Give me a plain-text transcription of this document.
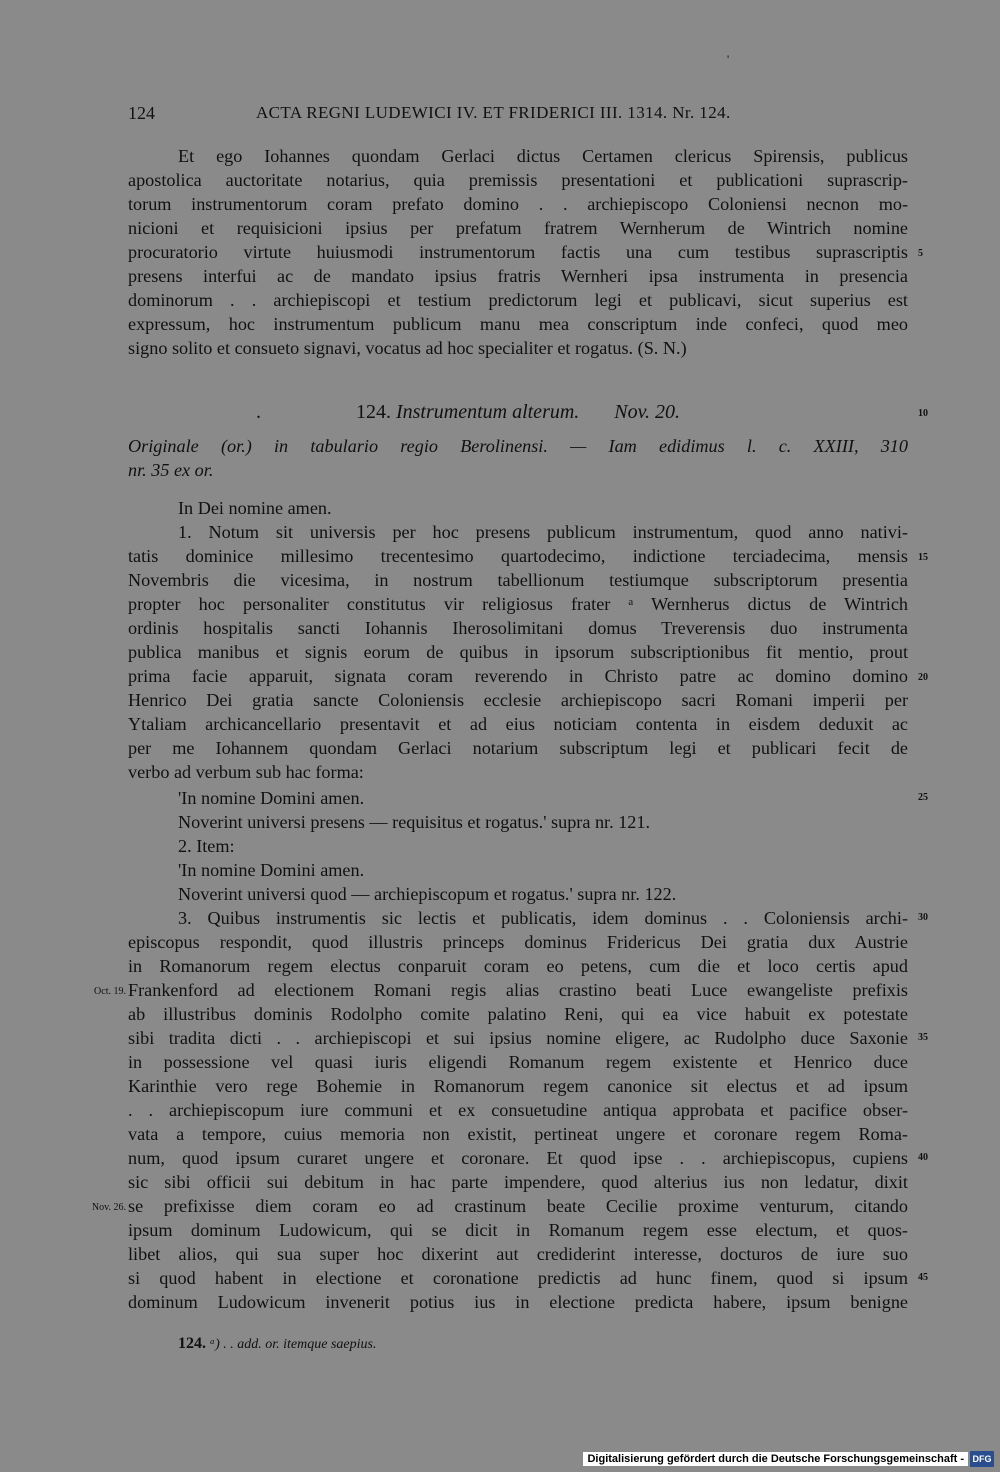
'
124	ACTA REGNI LUDEWICI IV. ET FRIDERICI III. 1314. Nr. 124.
Et ego Iohannes quondam Gerlaci dictus Certamen clericus Spirensis, publicus
apostolica auctoritate notarius, quia premissis presentationi et publicationi suprascrip-
torum instrumentorum coram prefato domino . . archiepiscopo Coloniensi necnon mo-
nicioni et requisicioni ipsius per prefatum fratrem Wernherum de Wintrich nomine
procuratorio virtute huiusmodi instrumentorum factis una cum testibus suprascriptis
presens interfui ac de mandato ipsius fratris Wernheri ipsa instrumenta in presencia
dominorum . . archiepiscopi et testium predictorum legi et publicavi, sicut superius est
expressum, hoc instrumentum publicum manu mea conscriptum inde confeci, quod meo
signo solito et consueto signavi, vocatus ad hoc specialiter et rogatus. (S. N.)
5
.	124. Instrumentum alterum. Nov. 20.	10
Originale (or.) in tabulario regio Berolinensi. — Iam edidimus l. c. XXIII, 310
nr. 35 ex or.
In Dei nomine amen.
1. Notum sit universis per hoc presens publicum instrumentum, quod anno nativi-
tatis dominice millesimo trecentesimo quartodecimo, indictione terciadecima, mensis
Novembris die vicesima, in nostrum tabellionum testiumque subscriptorum presentia
propter hoc personaliter constitutus vir religiosus frater ᵃ Wernherus dictus de Wintrich
ordinis hospitalis sancti Iohannis Iherosolimitani domus Treverensis duo instrumenta
publica manibus et signis eorum de quibus in ipsorum subscriptionibus fit mentio, prout
prima facie apparuit, signata coram reverendo in Christo patre ac domino domino
Henrico Dei gratia sancte Coloniensis ecclesie archiepiscopo sacri Romani imperii per
Ytaliam archicancellario presentavit et ad eius noticiam contenta in eisdem deduxit ac
per me Iohannem quondam Gerlaci notarium subscriptum legi et publicari fecit de
verbo ad verbum sub hac forma:
'In nomine Domini amen.
Noverint universi presens — requisitus et rogatus.' supra nr. 121.
2. Item:
'In nomine Domini amen.
Noverint universi quod — archiepiscopum et rogatus.' supra nr. 122.
3. Quibus instrumentis sic lectis et publicatis, idem dominus . . Coloniensis archi-
episcopus respondit, quod illustris princeps dominus Fridericus Dei gratia dux Austrie
in Romanorum regem electus conparuit coram eo petens, cum die et loco certis apud
Frankenford ad electionem Romani regis alias crastino beati Luce ewangeliste prefixis
ab illustribus dominis Rodolpho comite palatino Reni, qui ea vice habuit ex potestate
sibi tradita dicti . . archiepiscopi et sui ipsius nomine eligere, ac Rudolpho duce Saxonie
in possessione vel quasi iuris eligendi Romanum regem existente et Henrico duce
Karinthie vero rege Bohemie in Romanorum regem canonice sit electus et ad ipsum
. . archiepiscopum iure communi et ex consuetudine antiqua approbata et pacifice obser-
vata a tempore, cuius memoria non existit, pertineat ungere et coronare regem Roma-
num, quod ipsum curaret ungere et coronare. Et quod ipse . . archiepiscopus, cupiens
sic sibi officii sui debitum in hac parte impendere, quod alterius ius non ledatur, dixit
se prefixisse diem coram eo ad crastinum beate Cecilie proxime venturum, citando
ipsum dominum Ludowicum, qui se dicit in Romanum regem esse electum, et quos-
libet alios, qui sua super hoc dixerint aut crediderint interesse, docturos de iure suo
si quod habent in electione et coronatione predictis ad hunc finem, quod si ipsum
dominum Ludowicum invenerit potius ius in electione predicta habere, ipsum benigne
15
20
25
30
35
40
45
Oct. 19.
Nov. 26.
124. ᵃ) . . add. or. itemque saepius.
Digitalisierung gefördert durch die Deutsche Forschungsgemeinschaft - DFG
